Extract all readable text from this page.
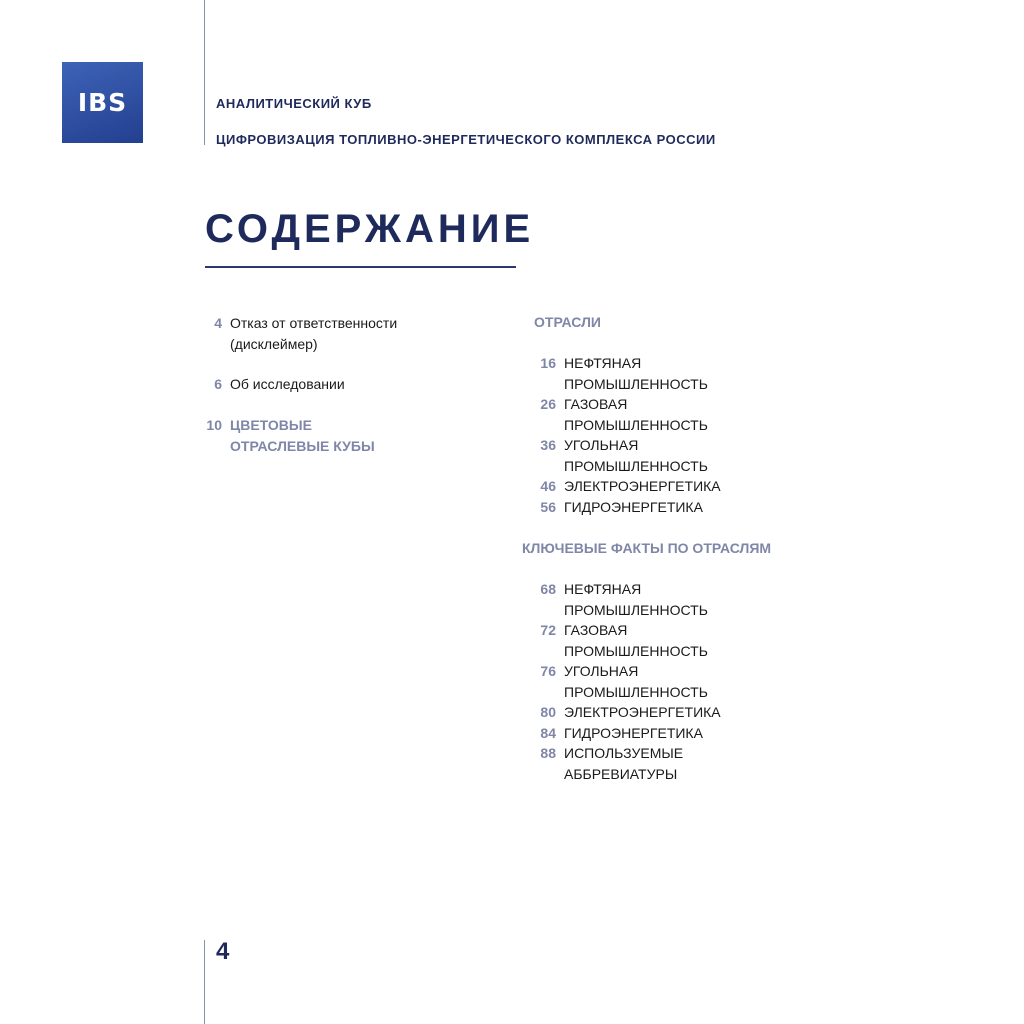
IBS	АНАЛИТИЧЕСКИЙ КУБ
ЦИФРОВИЗАЦИЯ ТОПЛИВНО-ЭНЕРГЕТИЧЕСКОГО КОМПЛЕКСА РОССИИ
СОДЕРЖАНИЕ
4 Отказ от ответственности
(дисклеймер)
6 Об исследовании
10 ЦВЕТОВЫЕ
ОТРАСЛЕВЫЕ КУБЫ
ОТРАСЛИ
16 НЕФТЯНАЯ
ПРОМЫШЛЕННОСТЬ
26 ГАЗОВАЯ
ПРОМЫШЛЕННОСТЬ
36 УГОЛЬНАЯ
ПРОМЫШЛЕННОСТЬ
46 ЭЛЕКТРОЭНЕРГЕТИКА
56 ГИДРОЭНЕРГЕТИКА
КЛЮЧЕВЫЕ ФАКТЫ ПО ОТРАСЛЯМ
68 НЕФТЯНАЯ
ПРОМЫШЛЕННОСТЬ
72 ГАЗОВАЯ
ПРОМЫШЛЕННОСТЬ
76 УГОЛЬНАЯ
ПРОМЫШЛЕННОСТЬ
80 ЭЛЕКТРОЭНЕРГЕТИКА
84 ГИДРОЭНЕРГЕТИКА
88 ИСПОЛЬЗУЕМЫЕ
АББРЕВИАТУРЫ
4
